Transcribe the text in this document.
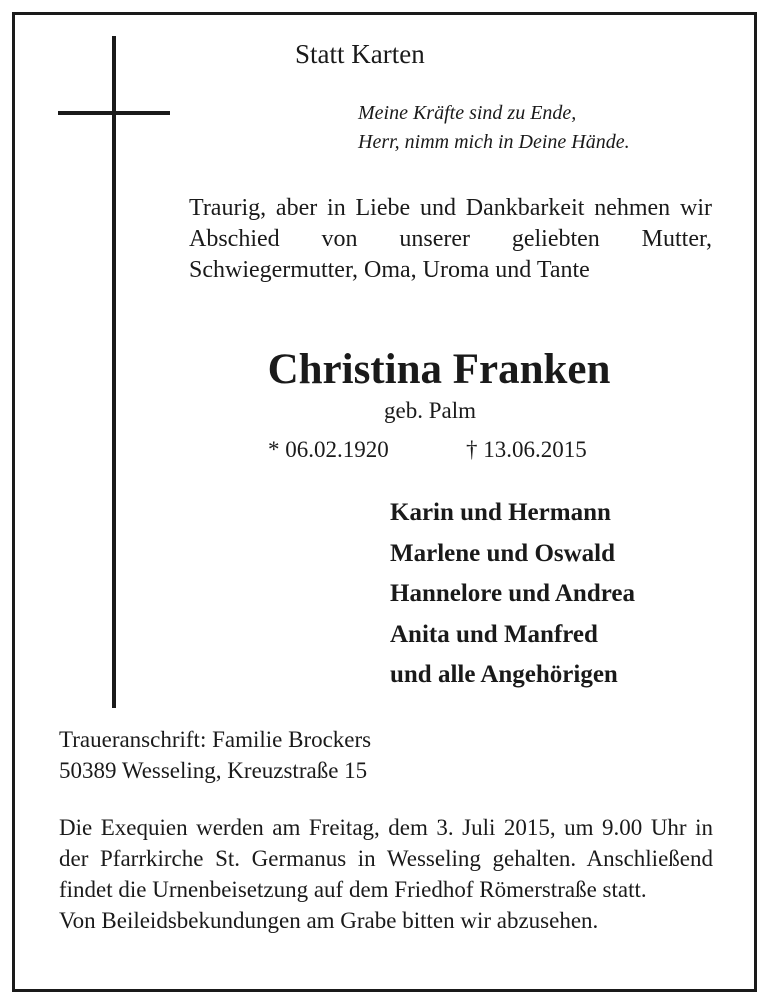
Statt Karten
Meine Kräfte sind zu Ende,
Herr, nimm mich in Deine Hände.
Traurig, aber in Liebe und Dankbarkeit nehmen wir Abschied von unserer geliebten Mutter, Schwiegermutter, Oma, Uroma und Tante
Christina Franken
geb. Palm
* 06.02.1920	† 13.06.2015
Karin und Hermann
Marlene und Oswald
Hannelore und Andrea
Anita und Manfred
und alle Angehörigen
Traueranschrift: Familie Brockers
50389 Wesseling, Kreuzstraße 15
Die Exequien werden am Freitag, dem 3. Juli 2015, um 9.00 Uhr in der Pfarrkirche St. Germanus in Wesseling gehalten. Anschließend findet die Urnenbeisetzung auf dem Friedhof Römerstraße statt.
Von Beileidsbekundungen am Grabe bitten wir abzusehen.
